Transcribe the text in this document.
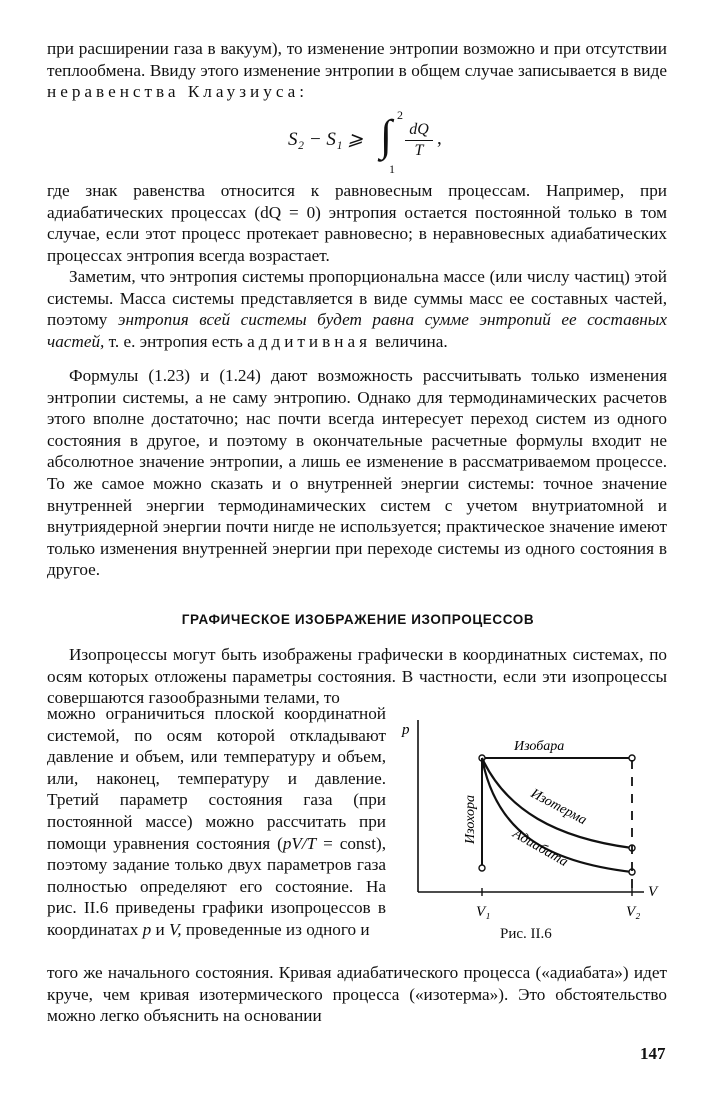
при расширении газа в вакуум), то изменение энтропии возможно и при отсутствии теплообмена. Ввиду этого изменение энтропии в общем случае записывается в виде неравенства Клаузиуса:

S₂ − S₁ ⩾ ∫ 2
1
$\frac{dQ}{T}$ ,

где знак равенства относится к равновесным процессам. Например, при адиабатических процессах (dQ = 0) энтропия остается постоянной только в том случае, если этот процесс протекает равновесно; в неравновесных адиабатических процессах энтропия всегда возрастает.

Заметим, что энтропия системы пропорциональна массе (или числу частиц) этой системы. Масса системы представляется в виде суммы масс ее составных частей, поэтому энтропия всей системы будет равна сумме энтропий ее составных частей, т. е. энтропия есть аддитивная величина.

Формулы (1.23) и (1.24) дают возможность рассчитывать только изменения энтропии системы, а не саму энтропию. Однако для термодинамических расчетов этого вполне достаточно; нас почти всегда интересует переход систем из одного состояния в другое, и поэтому в окончательные расчетные формулы входит не абсолютное значение энтропии, а лишь ее изменение в рассматриваемом процессе. То же самое можно сказать и о внутренней энергии системы: точное значение внутренней энергии термодинамических систем с учетом внутриатомной и внутриядерной энергии почти нигде не используется; практическое значение имеют только изменения внутренней энергии при переходе системы из одного состояния в другое.

ГРАФИЧЕСКОЕ ИЗОБРАЖЕНИЕ ИЗОПРОЦЕССОВ

Изопроцессы могут быть изображены графически в координатных системах, по осям которых отложены параметры состояния. В частности, если эти изопроцессы совершаются газообразными телами, то

можно ограничиться плоской координатной системой, по осям которой откладывают давление и объем, или температуру и объем, или, наконец, температуру и давление. Третий параметр состояния газа (при постоянной массе) можно рассчитать при помощи уравнения состояния (pV/T = const), поэтому задание только двух параметров газа полностью определяют его состояние. На рис. II.6 приведены графики изопроцессов в координатах p и V, проведенные из одного и

p
V
Изобара
Изохора	Изотерма
Адиабата
V₁	V₂
Рис. II.6

того же начального состояния. Кривая адиабатического процесса («адиабата») идет круче, чем кривая изотермического процесса («изотерма»). Это обстоятельство можно легко объяснить на основании

147
